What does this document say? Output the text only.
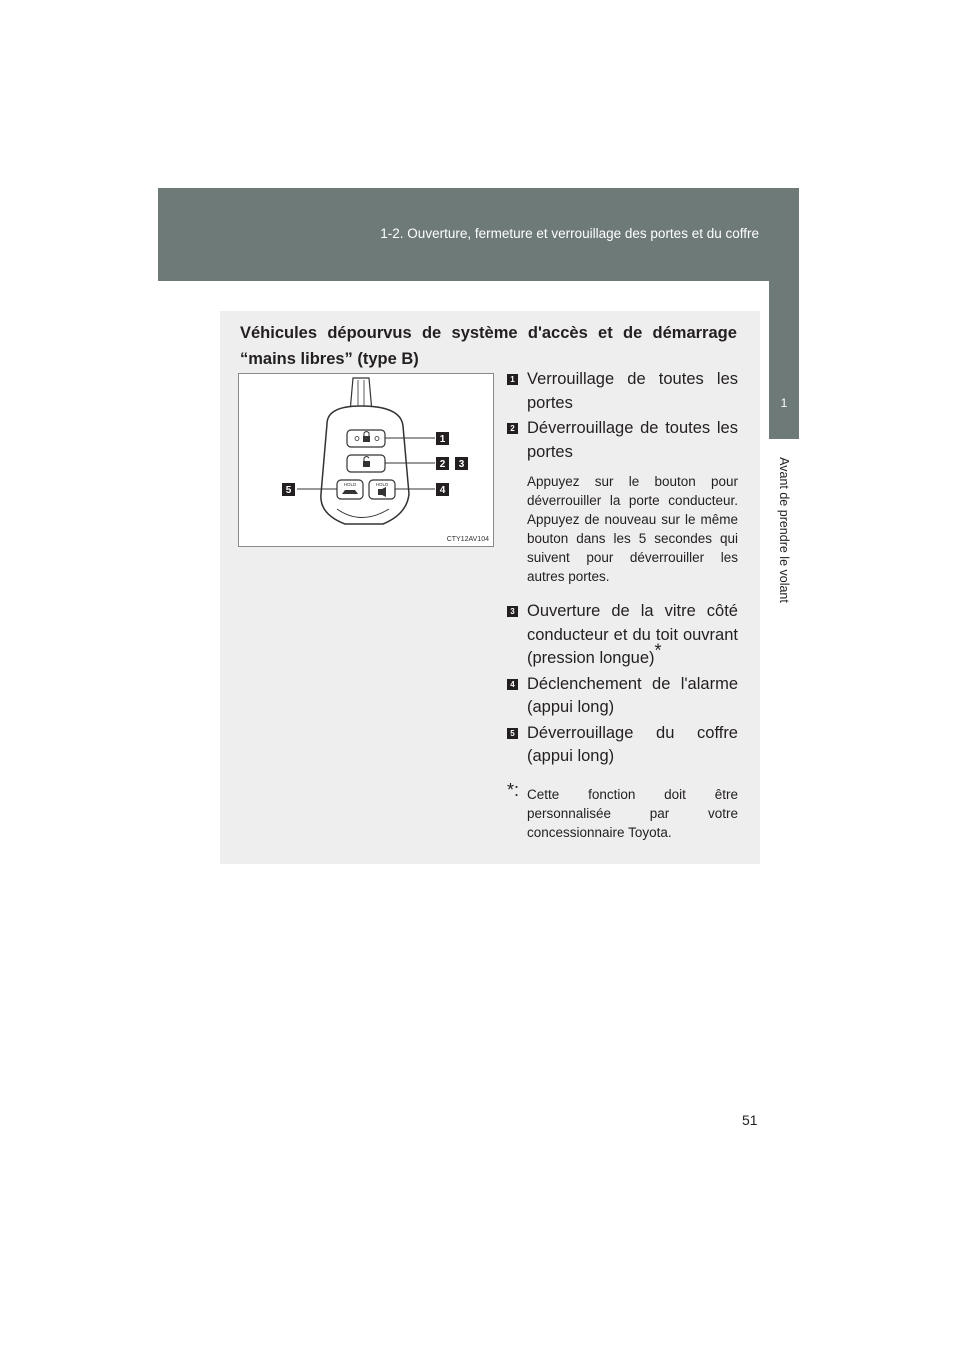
1-2. Ouverture, fermeture et verrouillage des portes et du coffre
1
Avant de prendre le volant
Véhicules dépourvus de système d'accès et de démarrage
“mains libres” (type B)
HOLD	HOLD
1
2 3
4
5
CTY12AV104
1 Verrouillage de toutes les portes
2 Déverrouillage de toutes les portes
Appuyez sur le bouton pour déverrouiller la porte conducteur. Appuyez de nouveau sur le même bouton dans les 5 secondes qui suivent pour déverrouiller les autres portes.
3 Ouverture de la vitre côté conducteur et du toit ouvrant (pression longue)*
4 Déclenchement de l'alarme (appui long)
5 Déverrouillage du coffre (appui long)
*: Cette fonction doit être personnalisée par votre concessionnaire Toyota.
51
